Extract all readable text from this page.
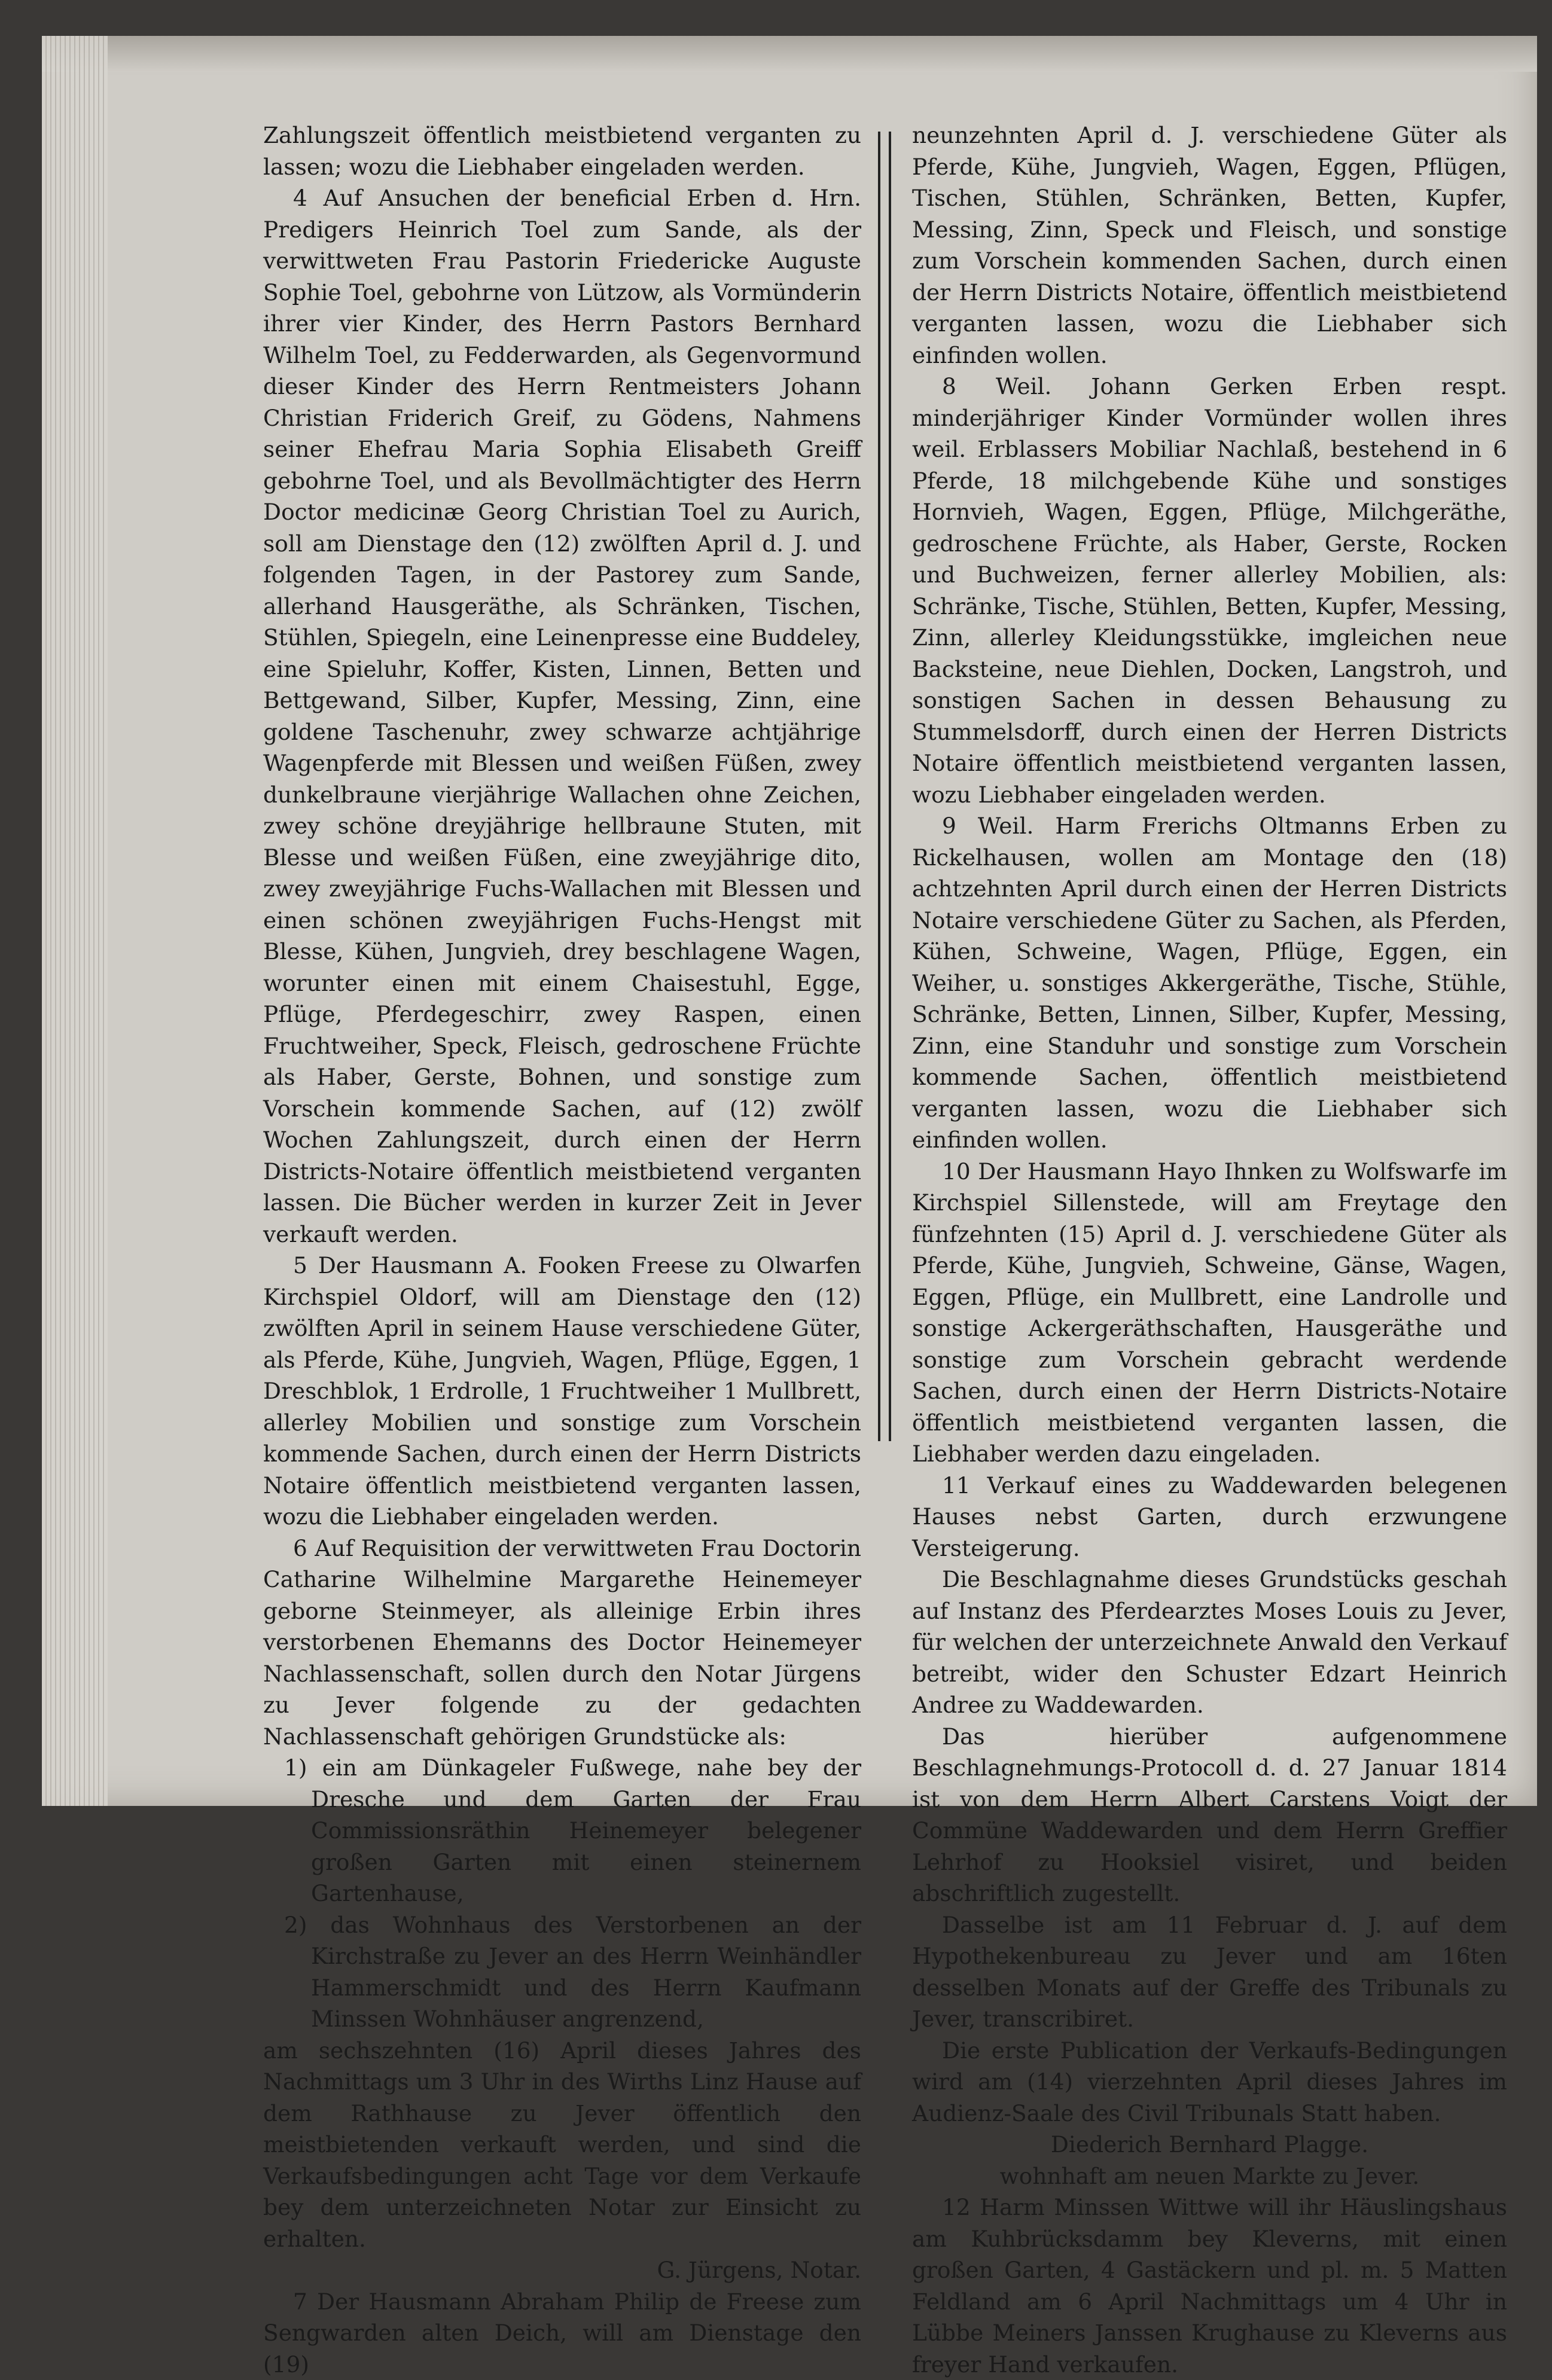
Zahlungszeit öffentlich meistbietend verganten zu lassen; wozu die Liebhaber eingeladen werden.

4 Auf Ansuchen der beneficial Erben d. Hrn. Predigers Heinrich Toel zum Sande, als der verwittweten Frau Pastorin Friedericke Auguste Sophie Toel, gebohrne von Lützow, als Vormünderin ihrer vier Kinder, des Herrn Pastors Bernhard Wilhelm Toel, zu Fedderwarden, als Gegenvormund dieser Kinder des Herrn Rentmeisters Johann Christian Friderich Greif, zu Gödens, Nahmens seiner Ehefrau Maria Sophia Elisabeth Greiff gebohrne Toel, und als Bevollmächtigter des Herrn Doctor medicinæ Georg Christian Toel zu Aurich, soll am Dienstage den (12) zwölften April d. J. und folgenden Tagen, in der Pastorey zum Sande, allerhand Hausgeräthe, als Schränken, Tischen, Stühlen, Spiegeln, eine Leinenpresse eine Buddeley, eine Spieluhr, Koffer, Kisten, Linnen, Betten und Bettgewand, Silber, Kupfer, Messing, Zinn, eine goldene Taschenuhr, zwey schwarze achtjährige Wagenpferde mit Blessen und weißen Füßen, zwey dunkelbraune vierjährige Wallachen ohne Zeichen, zwey schöne dreyjährige hellbraune Stuten, mit Blesse und weißen Füßen, eine zweyjährige dito, zwey zweyjährige Fuchs-Wallachen mit Blessen und einen schönen zweyjährigen Fuchs-Hengst mit Blesse, Kühen, Jungvieh, drey beschlagene Wagen, worunter einen mit einem Chaisestuhl, Egge, Pflüge, Pferdegeschirr, zwey Raspen, einen Fruchtweiher, Speck, Fleisch, gedroschene Früchte als Haber, Gerste, Bohnen, und sonstige zum Vorschein kommende Sachen, auf (12) zwölf Wochen Zahlungszeit, durch einen der Herrn Districts-Notaire öffentlich meistbietend verganten lassen. Die Bücher werden in kurzer Zeit in Jever verkauft werden.

5 Der Hausmann A. Fooken Freese zu Olwarfen Kirchspiel Oldorf, will am Dienstage den (12) zwölften April in seinem Hause verschiedene Güter, als Pferde, Kühe, Jungvieh, Wagen, Pflüge, Eggen, 1 Dreschblok, 1 Erdrolle, 1 Fruchtweiher 1 Mullbrett, allerley Mobilien und sonstige zum Vorschein kommende Sachen, durch einen der Herrn Districts Notaire öffentlich meistbietend verganten lassen, wozu die Liebhaber eingeladen werden.

6 Auf Requisition der verwittweten Frau Doctorin Catharine Wilhelmine Margarethe Heinemeyer geborne Steinmeyer, als alleinige Erbin ihres verstorbenen Ehemanns des Doctor Heinemeyer Nachlassenschaft, sollen durch den Notar Jürgens zu Jever folgende zu der gedachten Nachlassenschaft gehörigen Grundstücke als:

1) ein am Dünkageler Fußwege, nahe bey der Dresche und dem Garten der Frau Commissionsräthin Heinemeyer belegener großen Garten mit einen steinernem Gartenhause,

2) das Wohnhaus des Verstorbenen an der Kirchstraße zu Jever an des Herrn Weinhändler Hammerschmidt und des Herrn Kaufmann Minssen Wohnhäuser angrenzend,

am sechszehnten (16) April dieses Jahres des Nachmittags um 3 Uhr in des Wirths Linz Hause auf dem Rathhause zu Jever öffentlich den meistbietenden verkauft werden, und sind die Verkaufsbedingungen acht Tage vor dem Verkaufe bey dem unterzeichneten Notar zur Einsicht zu erhalten.

G. Jürgens, Notar.

7 Der Hausmann Abraham Philip de Freese zum Sengwarden alten Deich, will am Dienstage den (19)

neunzehnten April d. J. verschiedene Güter als Pferde, Kühe, Jungvieh, Wagen, Eggen, Pflügen, Tischen, Stühlen, Schränken, Betten, Kupfer, Messing, Zinn, Speck und Fleisch, und sonstige zum Vorschein kommenden Sachen, durch einen der Herrn Districts Notaire, öffentlich meistbietend verganten lassen, wozu die Liebhaber sich einfinden wollen.

8 Weil. Johann Gerken Erben respt. minderjähriger Kinder Vormünder wollen ihres weil. Erblassers Mobiliar Nachlaß, bestehend in 6 Pferde, 18 milchgebende Kühe und sonstiges Hornvieh, Wagen, Eggen, Pflüge, Milchgeräthe, gedroschene Früchte, als Haber, Gerste, Rocken und Buchweizen, ferner allerley Mobilien, als: Schränke, Tische, Stühlen, Betten, Kupfer, Messing, Zinn, allerley Kleidungsstükke, imgleichen neue Backsteine, neue Diehlen, Docken, Langstroh, und sonstigen Sachen in dessen Behausung zu Stummelsdorff, durch einen der Herren Districts Notaire öffentlich meistbietend verganten lassen, wozu Liebhaber eingeladen werden.

9 Weil. Harm Frerichs Oltmanns Erben zu Rickelhausen, wollen am Montage den (18) achtzehnten April durch einen der Herren Districts Notaire verschiedene Güter zu Sachen, als Pferden, Kühen, Schweine, Wagen, Pflüge, Eggen, ein Weiher, u. sonstiges Akkergeräthe, Tische, Stühle, Schränke, Betten, Linnen, Silber, Kupfer, Messing, Zinn, eine Standuhr und sonstige zum Vorschein kommende Sachen, öffentlich meistbietend verganten lassen, wozu die Liebhaber sich einfinden wollen.

10 Der Hausmann Hayo Ihnken zu Wolfswarfe im Kirchspiel Sillenstede, will am Freytage den fünfzehnten (15) April d. J. verschiedene Güter als Pferde, Kühe, Jungvieh, Schweine, Gänse, Wagen, Eggen, Pflüge, ein Mullbrett, eine Landrolle und sonstige Ackergeräthschaften, Hausgeräthe und sonstige zum Vorschein gebracht werdende Sachen, durch einen der Herrn Districts-Notaire öffentlich meistbietend verganten lassen, die Liebhaber werden dazu eingeladen.

11 Verkauf eines zu Waddewarden belegenen Hauses nebst Garten, durch erzwungene Versteigerung.

Die Beschlagnahme dieses Grundstücks geschah auf Instanz des Pferdearztes Moses Louis zu Jever, für welchen der unterzeichnete Anwald den Verkauf betreibt, wider den Schuster Edzart Heinrich Andree zu Waddewarden.

Das hierüber aufgenommene Beschlagnehmungs-Protocoll d. d. 27 Januar 1814 ist von dem Herrn Albert Carstens Voigt der Commüne Waddewarden und dem Herrn Greffier Lehrhof zu Hooksiel visiret, und beiden abschriftlich zugestellt.

Dasselbe ist am 11 Februar d. J. auf dem Hypothekenbureau zu Jever und am 16ten desselben Monats auf der Greffe des Tribunals zu Jever, transcribiret.

Die erste Publication der Verkaufs-Bedingungen wird am (14) vierzehnten April dieses Jahres im Audienz-Saale des Civil Tribunals Statt haben.

Diederich Bernhard Plagge.

wohnhaft am neuen Markte zu Jever.

12 Harm Minssen Wittwe will ihr Häuslingshaus am Kuhbrücksdamm bey Kleverns, mit einen großen Garten, 4 Gastäckern und pl. m. 5 Matten Feldland am 6 April Nachmittags um 4 Uhr in Lübbe Meiners Janssen Krughause zu Kleverns aus freyer Hand verkaufen.
